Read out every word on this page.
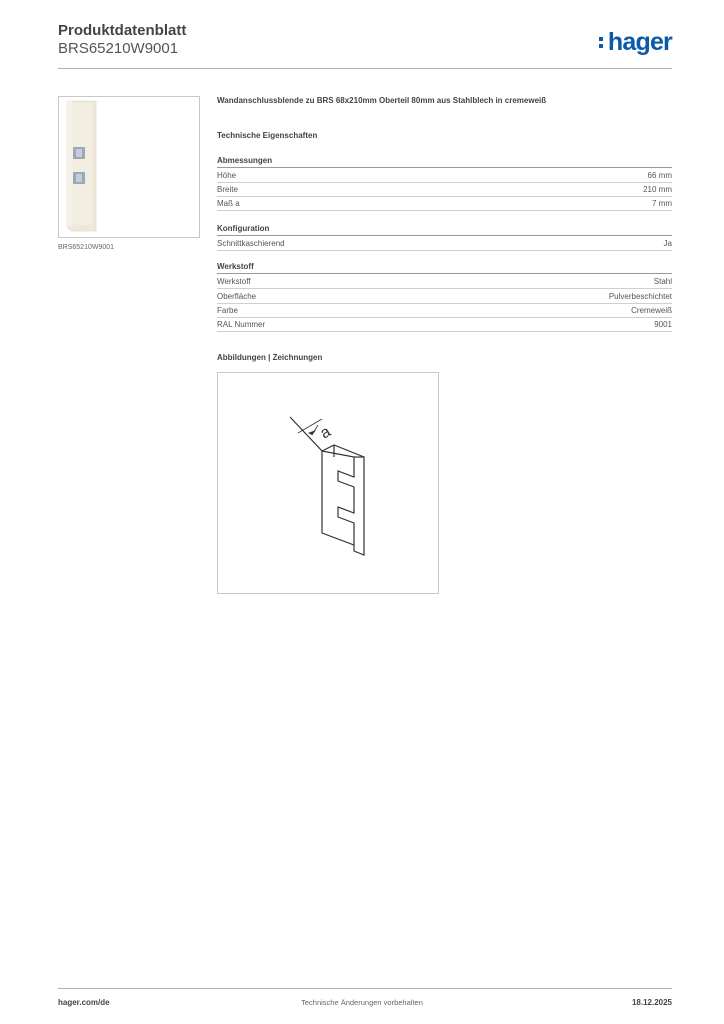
Produktdatenblatt
BRS65210W9001	hager
BRS65210W9001
Wandanschlussblende zu BRS 68x210mm Oberteil 80mm aus Stahlblech in cremeweiß
Technische Eigenschaften
Abmessungen
Höhe	66 mm
Breite	210 mm
Maß a	7 mm
Konfiguration
Schnittkaschierend	Ja
Werkstoff
Werkstoff	Stahl
Oberfläche	Pulverbeschichtet
Farbe	Cremeweiß
RAL Nummer	9001
Abbildungen | Zeichnungen
a
hager.com/de	Technische Änderungen vorbehalten	18.12.2025
